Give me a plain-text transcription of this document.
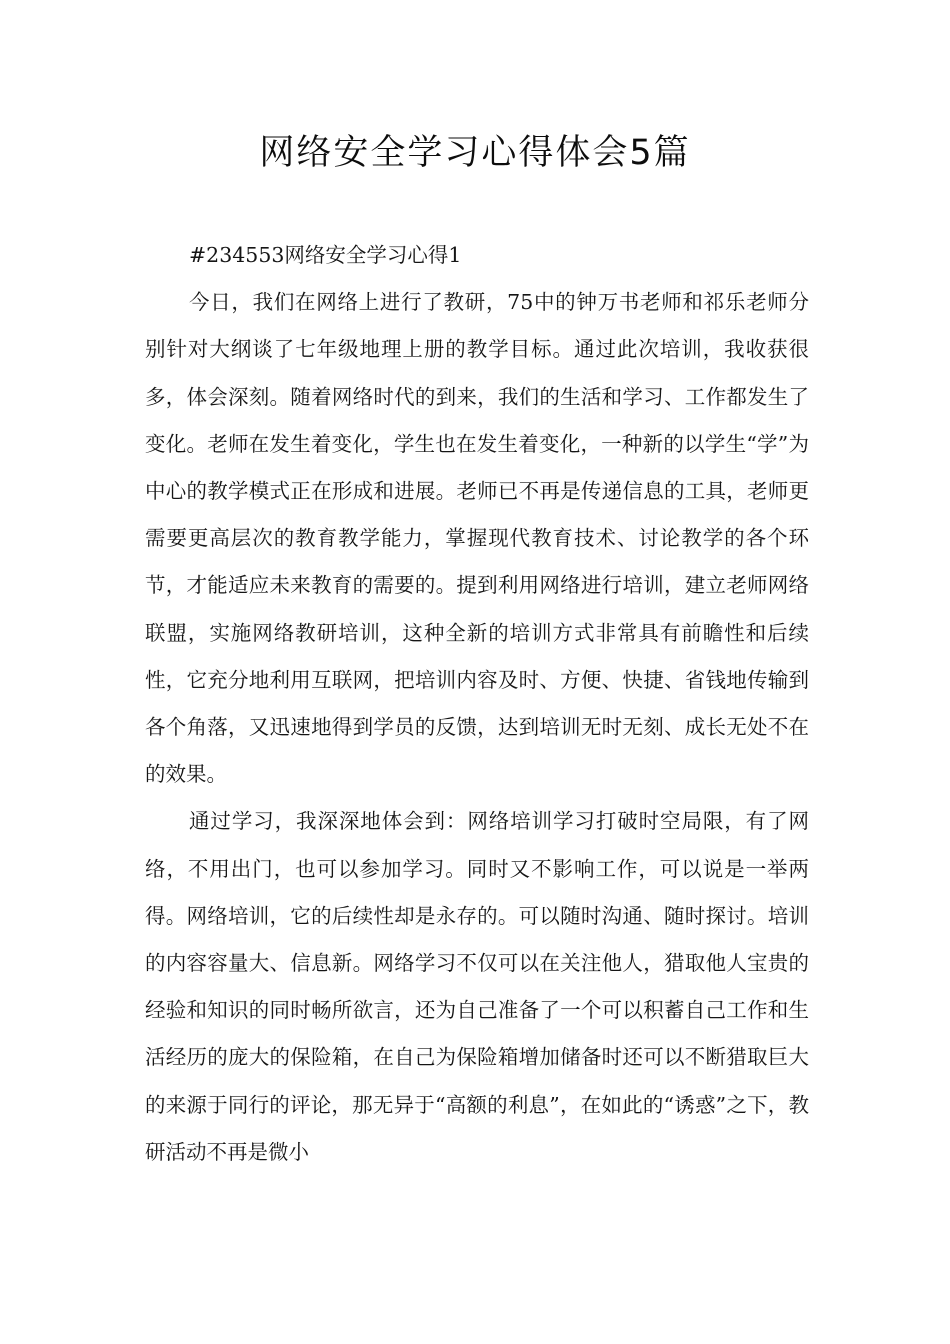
网络安全学习心得体会5篇

#234553网络安全学习心得1

今日，我们在网络上进行了教研，75中的钟万书老师和祁乐老师分别针对大纲谈了七年级地理上册的教学目标。通过此次培训，我收获很多，体会深刻。随着网络时代的到来，我们的生活和学习、工作都发生了变化。老师在发生着变化，学生也在发生着变化，一种新的以学生“学”为中心的教学模式正在形成和进展。老师已不再是传递信息的工具，老师更需要更高层次的教育教学能力，掌握现代教育技术、讨论教学的各个环节，才能适应未来教育的需要的。提到利用网络进行培训，建立老师网络联盟，实施网络教研培训，这种全新的培训方式非常具有前瞻性和后续性，它充分地利用互联网，把培训内容及时、方便、快捷、省钱地传输到各个角落，又迅速地得到学员的反馈，达到培训无时无刻、成长无处不在的效果。

通过学习，我深深地体会到：网络培训学习打破时空局限，有了网络，不用出门，也可以参加学习。同时又不影响工作，可以说是一举两得。网络培训，它的后续性却是永存的。可以随时沟通、随时探讨。培训的内容容量大、信息新。网络学习不仅可以在关注他人，猎取他人宝贵的经验和知识的同时畅所欲言，还为自己准备了一个可以积蓄自己工作和生活经历的庞大的保险箱，在自己为保险箱增加储备时还可以不断猎取巨大的来源于同行的评论，那无异于“高额的利息”，在如此的“诱惑”之下，教研活动不再是微小
